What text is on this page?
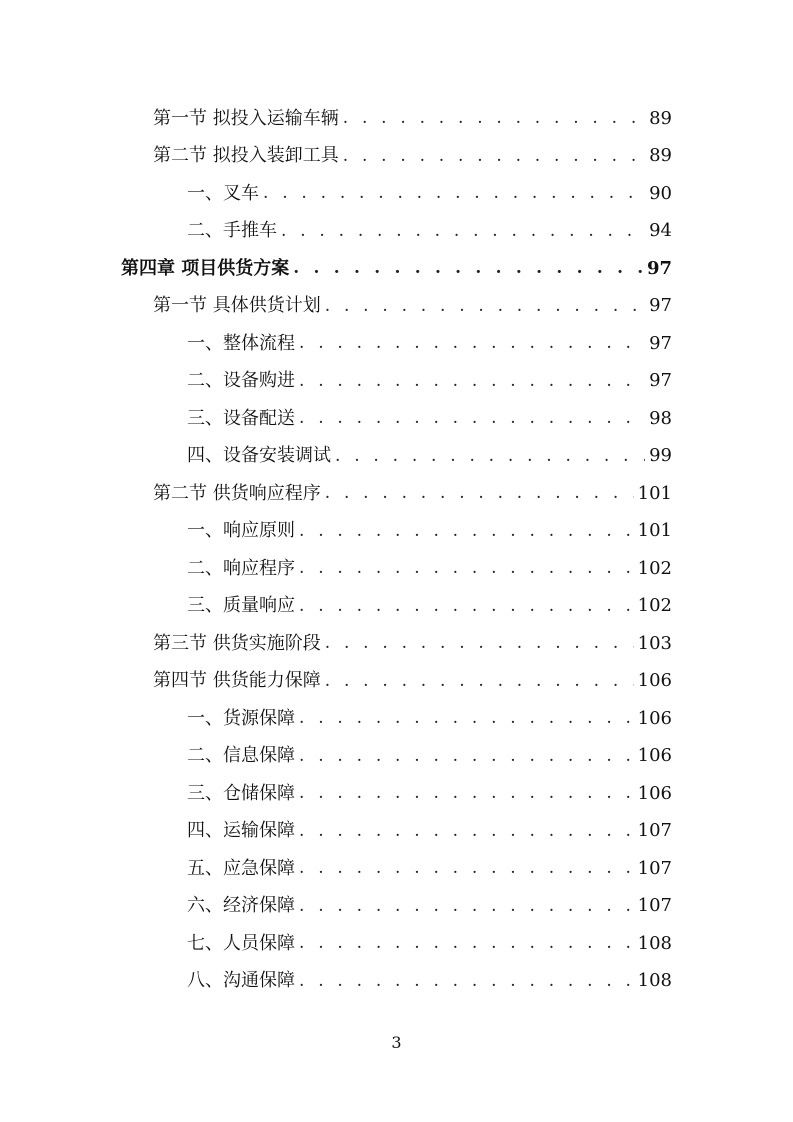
第一节 拟投入运输车辆 . . .	89
第二节 拟投入装卸工具 . . .	89
一、叉车 . . .	90
二、手推车 . . .	94
第四章 项目供货方案 . . .	97
第一节 具体供货计划 . . .	97
一、整体流程 . . .	97
二、设备购进 . . .	97
三、设备配送 . . .	98
四、设备安装调试 . . .	99
第二节 供货响应程序 . . .	101
一、响应原则 . . .	101
二、响应程序 . . .	102
三、质量响应 . . .	102
第三节 供货实施阶段 . . .	103
第四节 供货能力保障 . . .	106
一、货源保障 . . .	106
二、信息保障 . . .	106
三、仓储保障 . . .	106
四、运输保障 . . .	107
五、应急保障 . . .	107
六、经济保障 . . .	107
七、人员保障 . . .	108
八、沟通保障 . . .	108
3
